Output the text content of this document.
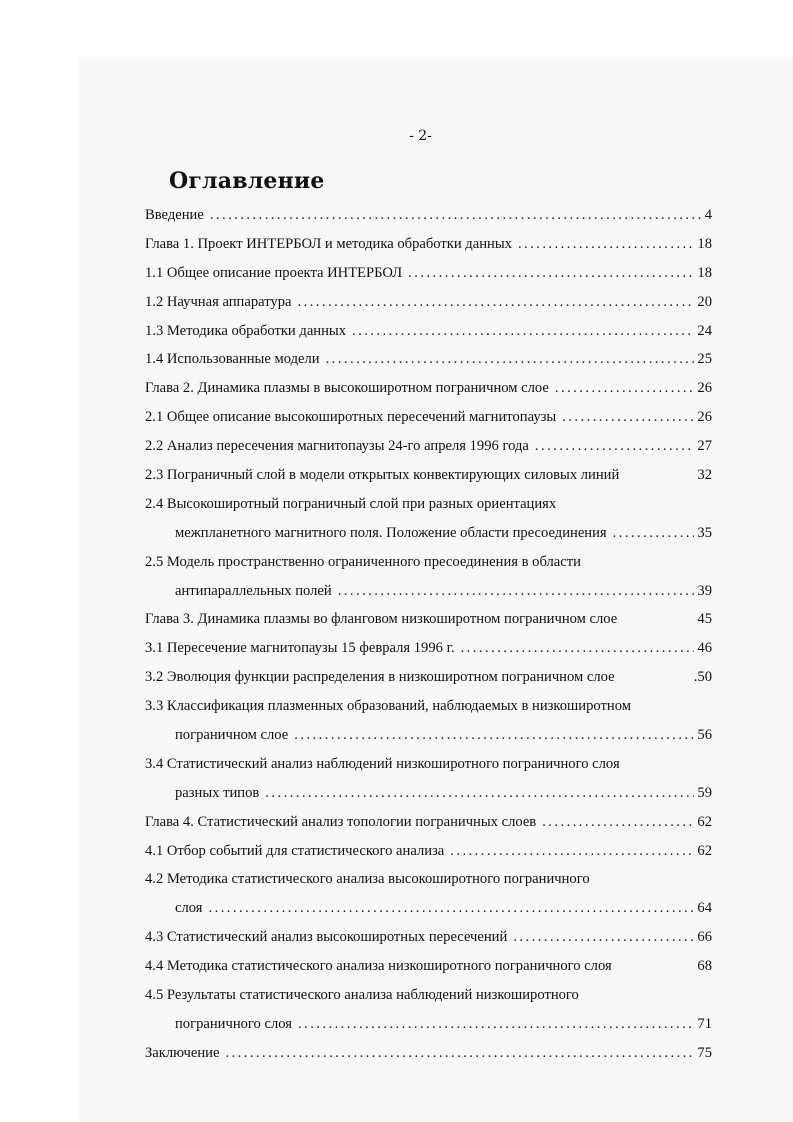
- 2-
Оглавление
Введение . . .	4
Глава 1. Проект ИНТЕРБОЛ и методика обработки данных . . .	18
1.1 Общее описание проекта ИНТЕРБОЛ . . .	18
1.2 Научная аппаратура . . .	20
1.3 Методика обработки данных . . .	24
1.4 Использованные модели . . .	25
Глава 2. Динамика плазмы в высокоширотном пограничном слое . . .	26
2.1 Общее описание высокоширотных пересечений магнитопаузы . . .	26
2.2 Анализ пересечения магнитопаузы 24-го апреля 1996 года . . .	27
2.3 Пограничный слой в модели открытых конвектирующих силовых линий	32
2.4 Высокоширотный пограничный слой при разных ориентациях
межпланетного магнитного поля. Положение области пресоединения . . .	35
2.5 Модель пространственно ограниченного пресоединения в области
антипараллельных полей . . .	39
Глава 3. Динамика плазмы во фланговом низкоширотном пограничном слое	45
3.1 Пересечение магнитопаузы 15 февраля 1996 г. . . .	46
3.2 Эволюция функции распределения в низкоширотном пограничном слое	.50
3.3 Классификация плазменных образований, наблюдаемых в низкоширотном
пограничном слое . . .	56
3.4 Статистический анализ наблюдений низкоширотного пограничного слоя
разных типов . . .	59
Глава 4. Статистический анализ топологии пограничных слоев . . .	62
4.1 Отбор событий для статистического анализа . . .	62
4.2 Методика статистического анализа высокоширотного пограничного
слоя . . .	64
4.3 Статистический анализ высокоширотных пересечений . . .	66
4.4 Методика статистического анализа низкоширотного пограничного слоя	68
4.5 Результаты статистического анализа наблюдений низкоширотного
пограничного слоя . . .	71
Заключение . . .	75
